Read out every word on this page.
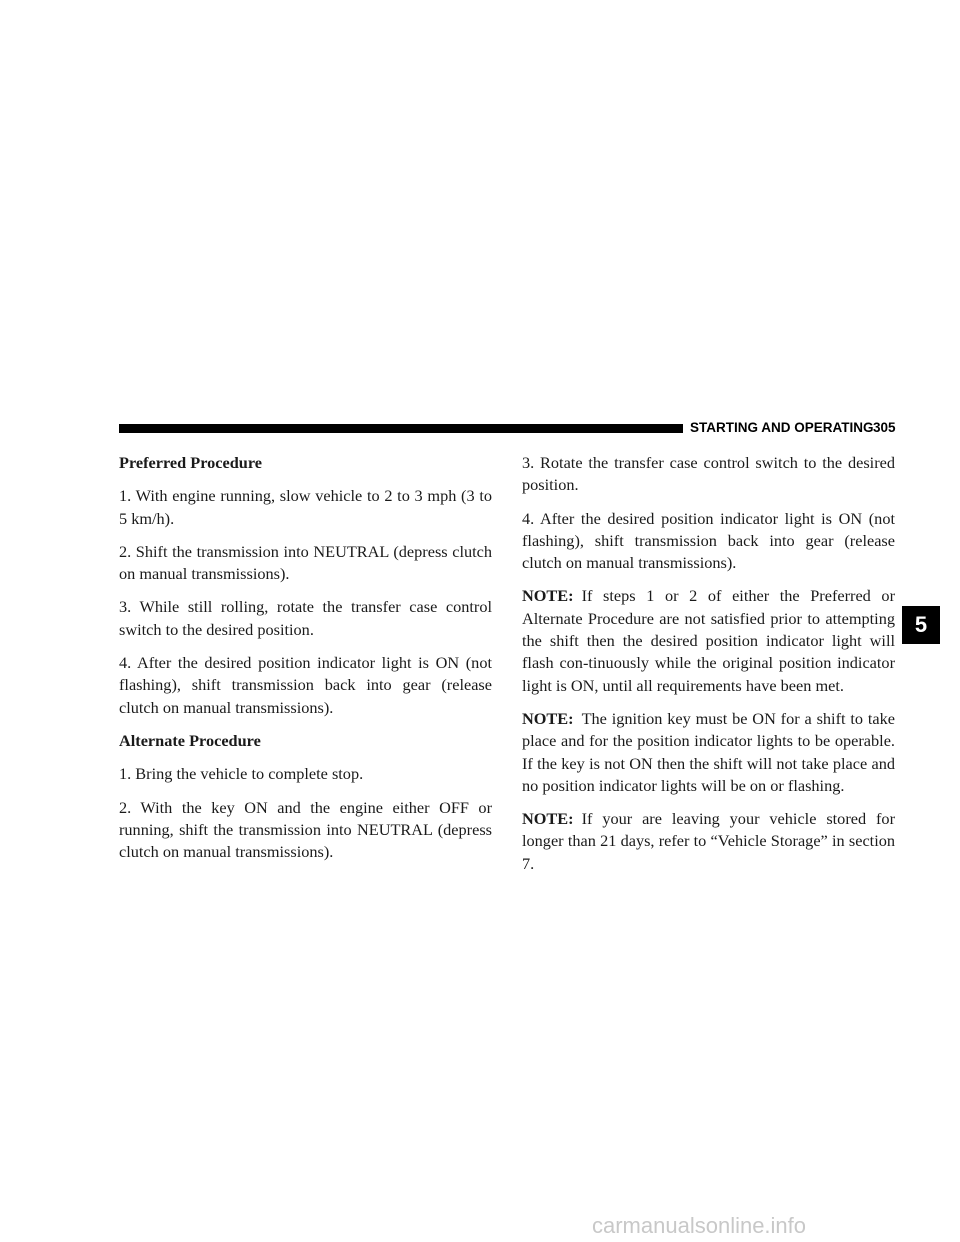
STARTING AND OPERATING 305
Preferred Procedure

1. With engine running, slow vehicle to 2 to 3 mph (3 to 5 km/h).

2. Shift the transmission into NEUTRAL (depress clutch on manual transmissions).

3. While still rolling, rotate the transfer case control switch to the desired position.

4. After the desired position indicator light is ON (not flashing), shift transmission back into gear (release clutch on manual transmissions).

Alternate Procedure

1. Bring the vehicle to complete stop.

2. With the key ON and the engine either OFF or running, shift the transmission into NEUTRAL (depress clutch on manual transmissions).

3. Rotate the transfer case control switch to the desired position.

4. After the desired position indicator light is ON (not flashing), shift transmission back into gear (release clutch on manual transmissions).

NOTE: If steps 1 or 2 of either the Preferred or Alternate Procedure are not satisfied prior to attempting the shift then the desired position indicator light will flash con-tinuously while the original position indicator light is ON, until all requirements have been met.

NOTE: The ignition key must be ON for a shift to take place and for the position indicator lights to be operable. If the key is not ON then the shift will not take place and no position indicator lights will be on or flashing.

NOTE: If your are leaving your vehicle stored for longer than 21 days, refer to “Vehicle Storage” in section 7.

5
carmanualsonline.info
